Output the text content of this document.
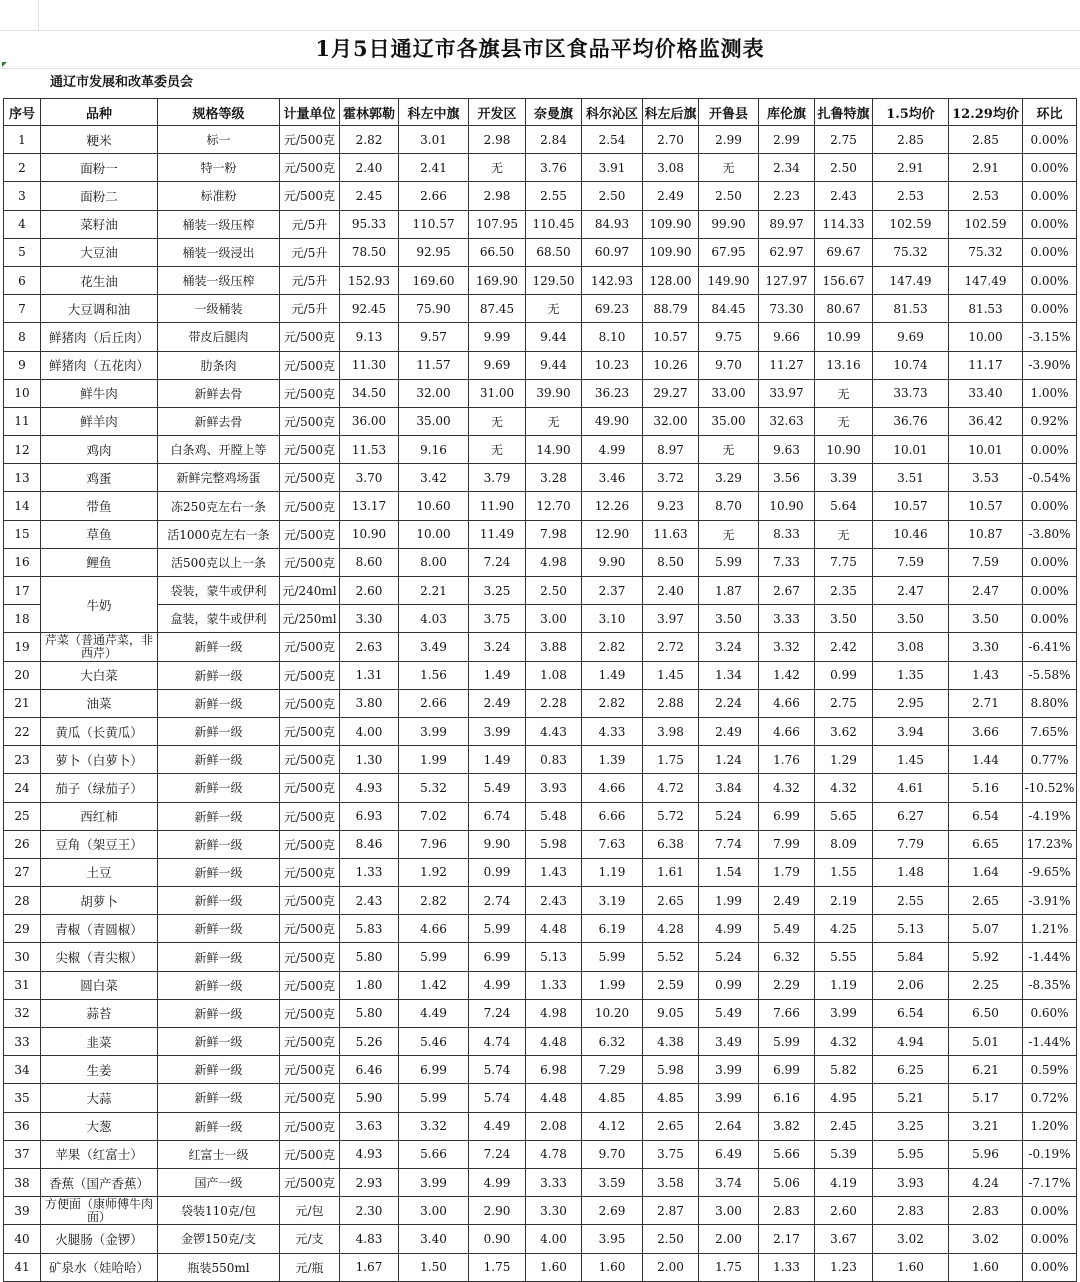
1月5日通辽市各旗县市区食品平均价格监测表
通辽市发展和改革委员会
序号	品种	规格等级	计量单位	霍林郭勒	科左中旗	开发区	奈曼旗	科尔沁区	科左后旗	开鲁县	库伦旗	扎鲁特旗	1.5均价	12.29均价	环比
1	粳米	标一	元/500克	2.82	3.01	2.98	2.84	2.54	2.70	2.99	2.99	2.75	2.85	2.85	0.00%
2	面粉一	特一粉	元/500克	2.40	2.41	无	3.76	3.91	3.08	无	2.34	2.50	2.91	2.91	0.00%
3	面粉二	标准粉	元/500克	2.45	2.66	2.98	2.55	2.50	2.49	2.50	2.23	2.43	2.53	2.53	0.00%
4	菜籽油	桶装一级压榨	元/5升	95.33	110.57	107.95	110.45	84.93	109.90	99.90	89.97	114.33	102.59	102.59	0.00%
5	大豆油	桶装一级浸出	元/5升	78.50	92.95	66.50	68.50	60.97	109.90	67.95	62.97	69.67	75.32	75.32	0.00%
6	花生油	桶装一级压榨	元/5升	152.93	169.60	169.90	129.50	142.93	128.00	149.90	127.97	156.67	147.49	147.49	0.00%
7	大豆调和油	一级桶装	元/5升	92.45	75.90	87.45	无	69.23	88.79	84.45	73.30	80.67	81.53	81.53	0.00%
8	鲜猪肉（后丘肉）	带皮后腿肉	元/500克	9.13	9.57	9.99	9.44	8.10	10.57	9.75	9.66	10.99	9.69	10.00	-3.15%
9	鲜猪肉（五花肉）	肋条肉	元/500克	11.30	11.57	9.69	9.44	10.23	10.26	9.70	11.27	13.16	10.74	11.17	-3.90%
10	鲜牛肉	新鲜去骨	元/500克	34.50	32.00	31.00	39.90	36.23	29.27	33.00	33.97	无	33.73	33.40	1.00%
11	鲜羊肉	新鲜去骨	元/500克	36.00	35.00	无	无	49.90	32.00	35.00	32.63	无	36.76	36.42	0.92%
12	鸡肉	白条鸡、开膛上等	元/500克	11.53	9.16	无	14.90	4.99	8.97	无	9.63	10.90	10.01	10.01	0.00%
13	鸡蛋	新鲜完整鸡场蛋	元/500克	3.70	3.42	3.79	3.28	3.46	3.72	3.29	3.56	3.39	3.51	3.53	-0.54%
14	带鱼	冻250克左右一条	元/500克	13.17	10.60	11.90	12.70	12.26	9.23	8.70	10.90	5.64	10.57	10.57	0.00%
15	草鱼	活1000克左右一条	元/500克	10.90	10.00	11.49	7.98	12.90	11.63	无	8.33	无	10.46	10.87	-3.80%
16	鲤鱼	活500克以上一条	元/500克	8.60	8.00	7.24	4.98	9.90	8.50	5.99	7.33	7.75	7.59	7.59	0.00%
17	牛奶	袋装，蒙牛或伊利	元/240ml	2.60	2.21	3.25	2.50	2.37	2.40	1.87	2.67	2.35	2.47	2.47	0.00%
18		盒装，蒙牛或伊利	元/250ml	3.30	4.03	3.75	3.00	3.10	3.97	3.50	3.33	3.50	3.50	3.50	0.00%
19	芹菜（普通芹菜，非西芹）	新鲜一级	元/500克	2.63	3.49	3.24	3.88	2.82	2.72	3.24	3.32	2.42	3.08	3.30	-6.41%
20	大白菜	新鲜一级	元/500克	1.31	1.56	1.49	1.08	1.49	1.45	1.34	1.42	0.99	1.35	1.43	-5.58%
21	油菜	新鲜一级	元/500克	3.80	2.66	2.49	2.28	2.82	2.88	2.24	4.66	2.75	2.95	2.71	8.80%
22	黄瓜（长黄瓜）	新鲜一级	元/500克	4.00	3.99	3.99	4.43	4.33	3.98	2.49	4.66	3.62	3.94	3.66	7.65%
23	萝卜（白萝卜）	新鲜一级	元/500克	1.30	1.99	1.49	0.83	1.39	1.75	1.24	1.76	1.29	1.45	1.44	0.77%
24	茄子（绿茄子）	新鲜一级	元/500克	4.93	5.32	5.49	3.93	4.66	4.72	3.84	4.32	4.32	4.61	5.16	-10.52%
25	西红柿	新鲜一级	元/500克	6.93	7.02	6.74	5.48	6.66	5.72	5.24	6.99	5.65	6.27	6.54	-4.19%
26	豆角（架豆王）	新鲜一级	元/500克	8.46	7.96	9.90	5.98	7.63	6.38	7.74	7.99	8.09	7.79	6.65	17.23%
27	土豆	新鲜一级	元/500克	1.33	1.92	0.99	1.43	1.19	1.61	1.54	1.79	1.55	1.48	1.64	-9.65%
28	胡萝卜	新鲜一级	元/500克	2.43	2.82	2.74	2.43	3.19	2.65	1.99	2.49	2.19	2.55	2.65	-3.91%
29	青椒（青圆椒）	新鲜一级	元/500克	5.83	4.66	5.99	4.48	6.19	4.28	4.99	5.49	4.25	5.13	5.07	1.21%
30	尖椒（青尖椒）	新鲜一级	元/500克	5.80	5.99	6.99	5.13	5.99	5.52	5.24	6.32	5.55	5.84	5.92	-1.44%
31	圆白菜	新鲜一级	元/500克	1.80	1.42	4.99	1.33	1.99	2.59	0.99	2.29	1.19	2.06	2.25	-8.35%
32	蒜苔	新鲜一级	元/500克	5.80	4.49	7.24	4.98	10.20	9.05	5.49	7.66	3.99	6.54	6.50	0.60%
33	韭菜	新鲜一级	元/500克	5.26	5.46	4.74	4.48	6.32	4.38	3.49	5.99	4.32	4.94	5.01	-1.44%
34	生姜	新鲜一级	元/500克	6.46	6.99	5.74	6.98	7.29	5.98	3.99	6.99	5.82	6.25	6.21	0.59%
35	大蒜	新鲜一级	元/500克	5.90	5.99	5.74	4.48	4.85	4.85	3.99	6.16	4.95	5.21	5.17	0.72%
36	大葱	新鲜一级	元/500克	3.63	3.32	4.49	2.08	4.12	2.65	2.64	3.82	2.45	3.25	3.21	1.20%
37	苹果（红富士）	红富士一级	元/500克	4.93	5.66	7.24	4.78	9.70	3.75	6.49	5.66	5.39	5.95	5.96	-0.19%
38	香蕉（国产香蕉）	国产一级	元/500克	2.93	3.99	4.99	3.33	3.59	3.58	3.74	5.06	4.19	3.93	4.24	-7.17%
39	方便面（康师傅牛肉面）	袋装110克/包	元/包	2.30	3.00	2.90	3.30	2.69	2.87	3.00	2.83	2.60	2.83	2.83	0.00%
40	火腿肠（金锣）	金锣150克/支	元/支	4.83	3.40	0.90	4.00	3.95	2.50	2.00	2.17	3.67	3.02	3.02	0.00%
41	矿泉水（娃哈哈）	瓶装550ml	元/瓶	1.67	1.50	1.75	1.60	1.60	2.00	1.75	1.33	1.23	1.60	1.60	0.00%
